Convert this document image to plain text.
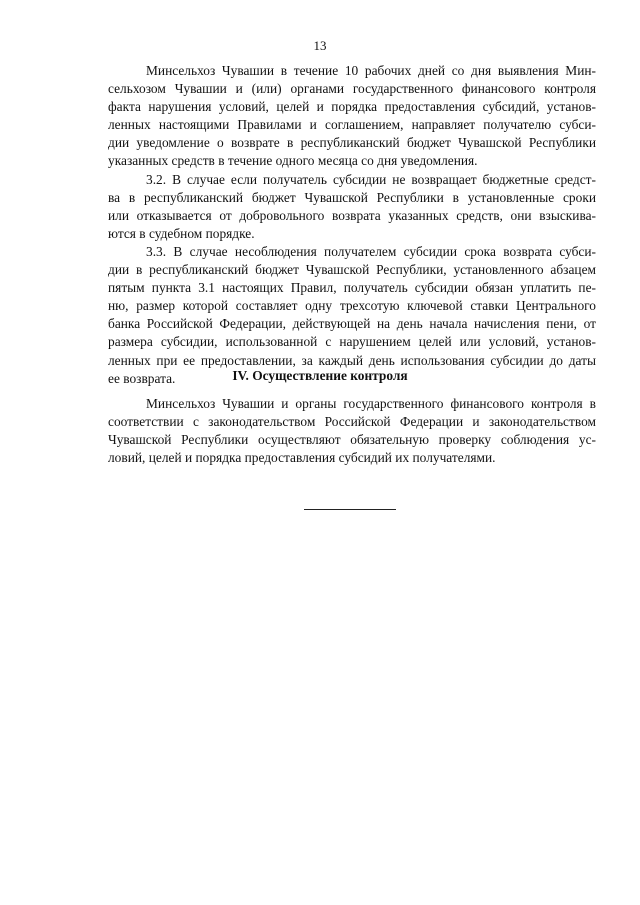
13
Минсельхоз Чувашии в течение 10 рабочих дней со дня выявления Мин-
сельхозом Чувашии и (или) органами государственного финансового контроля
факта нарушения условий, целей и порядка предоставления субсидий, установ-
ленных настоящими Правилами и соглашением, направляет получателю субси-
дии уведомление о возврате в республиканский бюджет Чувашской Республики
указанных средств в течение одного месяца со дня уведомления.
3.2. В случае если получатель субсидии не возвращает бюджетные средст-
ва в республиканский бюджет Чувашской Республики в установленные сроки
или отказывается от добровольного возврата указанных средств, они взыскива-
ются в судебном порядке.
3.3. В случае несоблюдения получателем субсидии срока возврата субси-
дии в республиканский бюджет Чувашской Республики, установленного абзацем
пятым пункта 3.1 настоящих Правил, получатель субсидии обязан уплатить пе-
ню, размер которой составляет одну трехсотую ключевой ставки Центрального
банка Российской Федерации, действующей на день начала начисления пени, от
размера субсидии, использованной с нарушением целей или условий, установ-
ленных при ее предоставлении, за каждый день использования субсидии до даты
ее возврата.	IV. Осуществление контроля
Минсельхоз Чувашии и органы государственного финансового контроля в
соответствии с законодательством Российской Федерации и законодательством
Чувашской Республики осуществляют обязательную проверку соблюдения ус-
ловий, целей и порядка предоставления субсидий их получателями.
